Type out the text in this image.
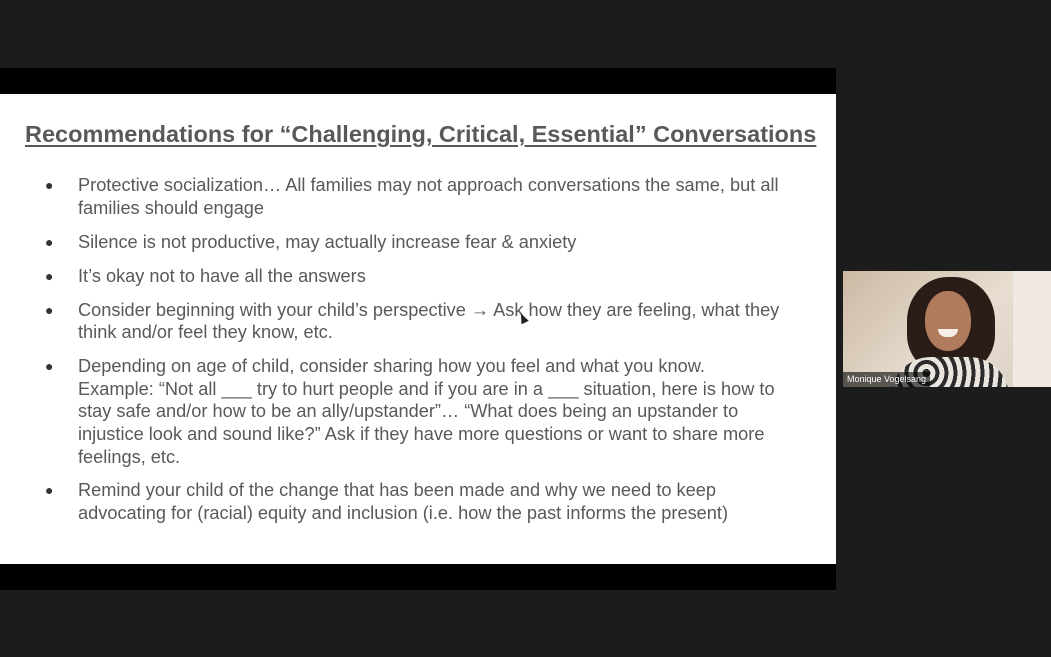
Recommendations for “Challenging, Critical, Essential” Conversations
● Protective socialization… All families may not approach conversations the same, but all families should engage
● Silence is not productive, may actually increase fear & anxiety
● It’s okay not to have all the answers
● Consider beginning with your child’s perspective → Ask how they are feeling, what they think and/or feel they know, etc.
● Depending on age of child, consider sharing how you feel and what you know. Example: “Not all ___ try to hurt people and if you are in a ___ situation, here is how to stay safe and/or how to be an ally/upstander”… “What does being an upstander to injustice look and sound like?” Ask if they have more questions or want to share more feelings, etc.
● Remind your child of the change that has been made and why we need to keep advocating for (racial) equity and inclusion (i.e. how the past informs the present)
Monique Vogelsang
